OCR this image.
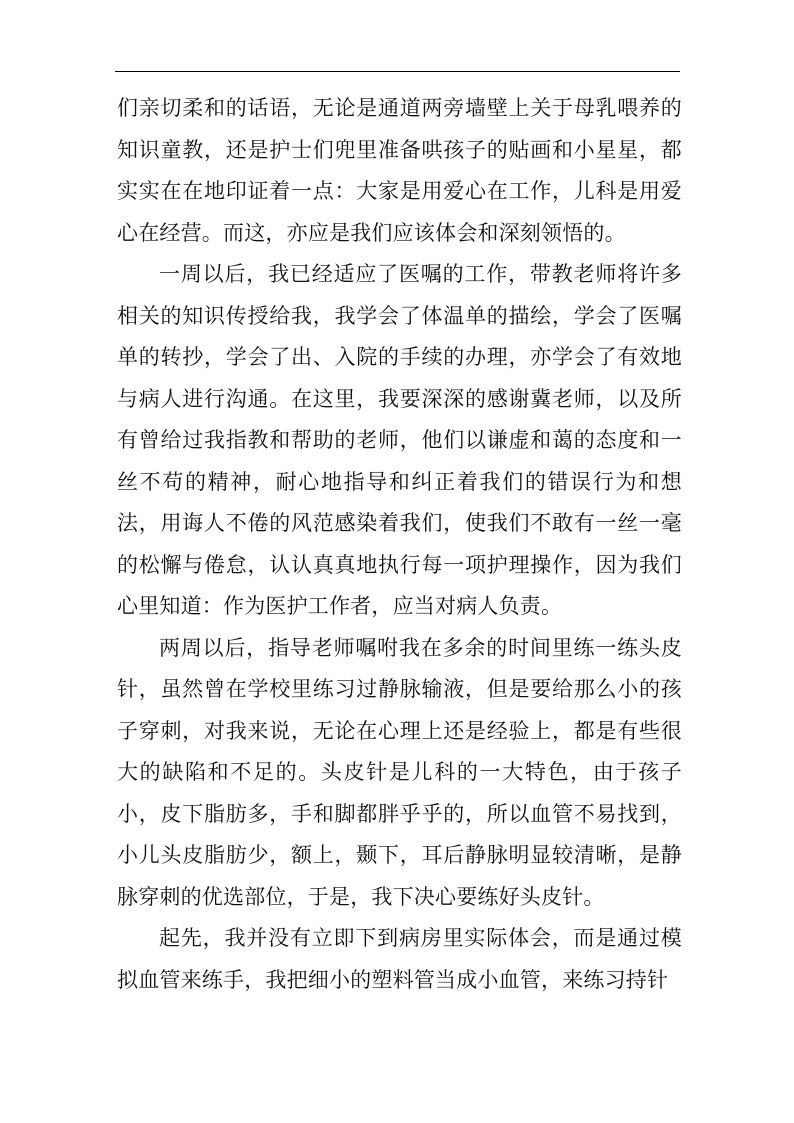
们亲切柔和的话语，无论是通道两旁墙壁上关于母乳喂养的知识童教，还是护士们兜里准备哄孩子的贴画和小星星，都实实在在地印证着一点：大家是用爱心在工作，儿科是用爱心在经营。而这，亦应是我们应该体会和深刻领悟的。

一周以后，我已经适应了医嘱的工作，带教老师将许多相关的知识传授给我，我学会了体温单的描绘，学会了医嘱单的转抄，学会了出、入院的手续的办理，亦学会了有效地与病人进行沟通。在这里，我要深深的感谢冀老师，以及所有曾给过我指教和帮助的老师，他们以谦虚和蔼的态度和一丝不苟的精神，耐心地指导和纠正着我们的错误行为和想法，用诲人不倦的风范感染着我们，使我们不敢有一丝一毫的松懈与倦怠，认认真真地执行每一项护理操作，因为我们心里知道：作为医护工作者，应当对病人负责。

两周以后，指导老师嘱咐我在多余的时间里练一练头皮针，虽然曾在学校里练习过静脉输液，但是要给那么小的孩子穿刺，对我来说，无论在心理上还是经验上，都是有些很大的缺陷和不足的。头皮针是儿科的一大特色，由于孩子小，皮下脂肪多，手和脚都胖乎乎的，所以血管不易找到，小儿头皮脂肪少，额上，颞下，耳后静脉明显较清晰，是静脉穿刺的优选部位，于是，我下决心要练好头皮针。

起先，我并没有立即下到病房里实际体会，而是通过模拟血管来练手，我把细小的塑料管当成小血管，来练习持针
